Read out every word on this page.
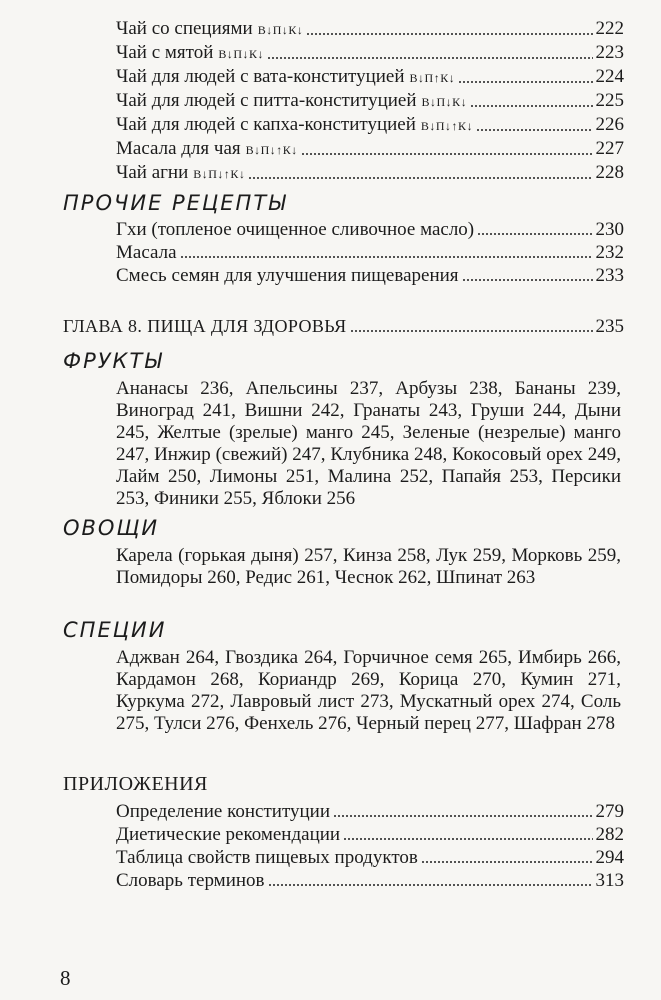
Чай со специями В↓П↓К↓	222
Чай с мятой В↓П↓К↓	223
Чай для людей с вата-конституцией В↓П↑К↓	224
Чай для людей с питта-конституцией В↓П↓К↓	225
Чай для людей с капха-конституцией В↓П↓↑К↓	226
Масала для чая В↓П↓↑К↓	227
Чай агни В↓П↓↑К↓	228
ПРОЧИЕ РЕЦЕПТЫ
Гхи (топленое очищенное сливочное масло)	230
Масала	232
Смесь семян для улучшения пищеварения	233
ГЛАВА 8. ПИЩА ДЛЯ ЗДОРОВЬЯ	235
ФРУКТЫ
Ананасы 236, Апельсины 237, Арбузы 238, Бананы 239, Виноград 241, Вишни 242, Гранаты 243, Груши 244, Дыни 245, Желтые (зрелые) манго 245, Зеленые (незрелые) манго 247, Инжир (свежий) 247, Клубника 248, Кокосовый орех 249, Лайм 250, Лимоны 251, Малина 252, Папайя 253, Персики 253, Финики 255, Яблоки 256
ОВОЩИ
Карела (горькая дыня) 257, Кинза 258, Лук 259, Морковь 259, Помидоры 260, Редис 261, Чеснок 262, Шпинат 263
СПЕЦИИ
Аджван 264, Гвоздика 264, Горчичное семя 265, Имбирь 266, Кардамон 268, Кориандр 269, Корица 270, Кумин 271, Куркума 272, Лавровый лист 273, Мускатный орех 274, Соль 275, Тулси 276, Фенхель 276, Черный перец 277, Шафран 278
ПРИЛОЖЕНИЯ
Определение конституции	279
Диетические рекомендации	282
Таблица свойств пищевых продуктов	294
Словарь терминов	313
8
